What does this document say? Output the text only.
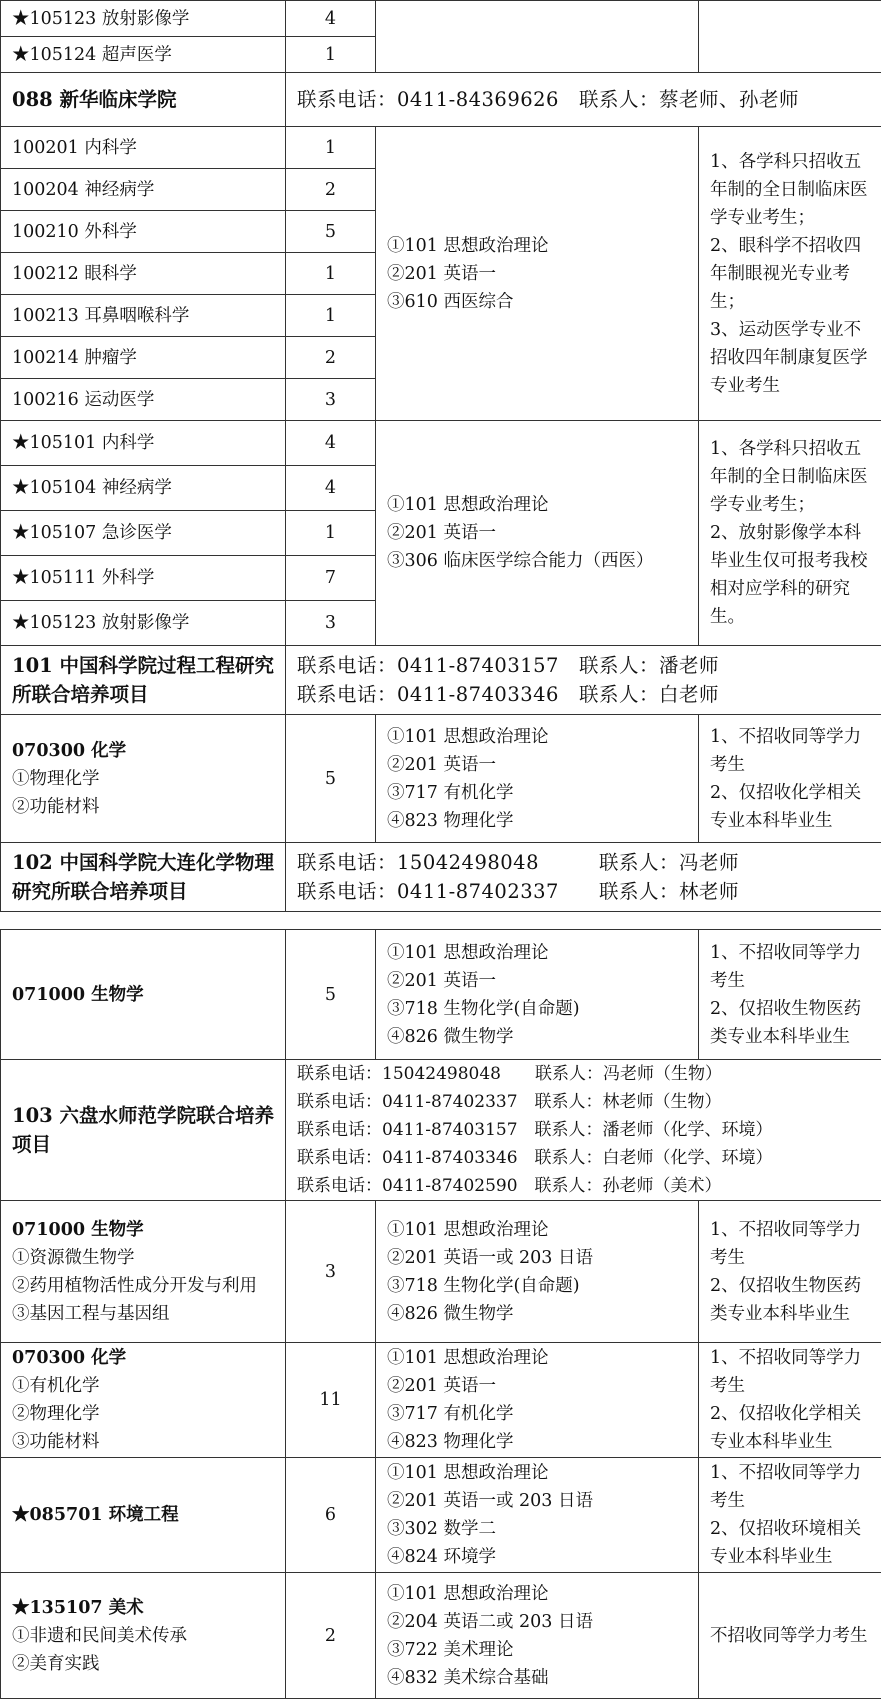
★105123 放射影像学	4		
★105124 超声医学	1		
088 新华临床学院	联系电话：0411-84369626　联系人：蔡老师、孙老师		
100201 内科学	1	①101 思想政治理论
②201 英语一
③610 西医综合	1、各学科只招收五年制的全日制临床医学专业考生；
2、眼科学不招收四年制眼视光专业考生；
3、运动医学专业不招收四年制康复医学专业考生

100204 神经病学	2		
100210 外科学	5		
100212 眼科学	1		
100213 耳鼻咽喉科学	1		
100214 肿瘤学	2		
100216 运动医学	3		
★105101 内科学	4	①101 思想政治理论
②201 英语一
③306 临床医学综合能力（西医）	1、各学科只招收五年制的全日制临床医学专业考生；
2、放射影像学本科毕业生仅可报考我校相对应学科的研究生。

★105104 神经病学	4		
★105107 急诊医学	1		
★105111 外科学	7		
★105123 放射影像学	3		
101 中国科学院过程工程研究所联合培养项目	联系电话：0411-87403157　联系人：潘老师
联系电话：0411-87403346　联系人：白老师		

070300 化学
①物理化学
②功能材料	5	①101 思想政治理论
②201 英语一
③717 有机化学
④823 物理化学	1、不招收同等学力考生
2、仅招收化学相关专业本科毕业生

102 中国科学院大连化学物理研究所联合培养项目	联系电话：15042498048　　　联系人：冯老师
联系电话：0411-87402337　　联系人：林老师		
071000 生物学	5	①101 思想政治理论
②201 英语一
③718 生物化学(自命题)
④826 微生物学	1、不招收同等学力考生
2、仅招收生物医药类专业本科毕业生

103 六盘水师范学院联合培养项目	联系电话：15042498048　　联系人：冯老师（生物）
联系电话：0411-87402337　联系人：林老师（生物）
联系电话：0411-87403157　联系人：潘老师（化学、环境）
联系电话：0411-87403346　联系人：白老师（化学、环境）
联系电话：0411-87402590　联系人：孙老师（美术）		

071000 生物学
①资源微生物学
②药用植物活性成分开发与利用
③基因工程与基因组	3	①101 思想政治理论
②201 英语一或 203 日语
③718 生物化学(自命题)
④826 微生物学	1、不招收同等学力考生
2、仅招收生物医药类专业本科毕业生

070300 化学
①有机化学
②物理化学
③功能材料	11	①101 思想政治理论
②201 英语一
③717 有机化学
④823 物理化学	1、不招收同等学力考生
2、仅招收化学相关专业本科毕业生

★085701 环境工程	6	①101 思想政治理论
②201 英语一或 203 日语
③302 数学二
④824 环境学	1、不招收同等学力考生
2、仅招收环境相关专业本科毕业生

★135107 美术
①非遗和民间美术传承
②美育实践	2	①101 思想政治理论
②204 英语二或 203 日语
③722 美术理论
④832 美术综合基础	不招收同等学力考生
